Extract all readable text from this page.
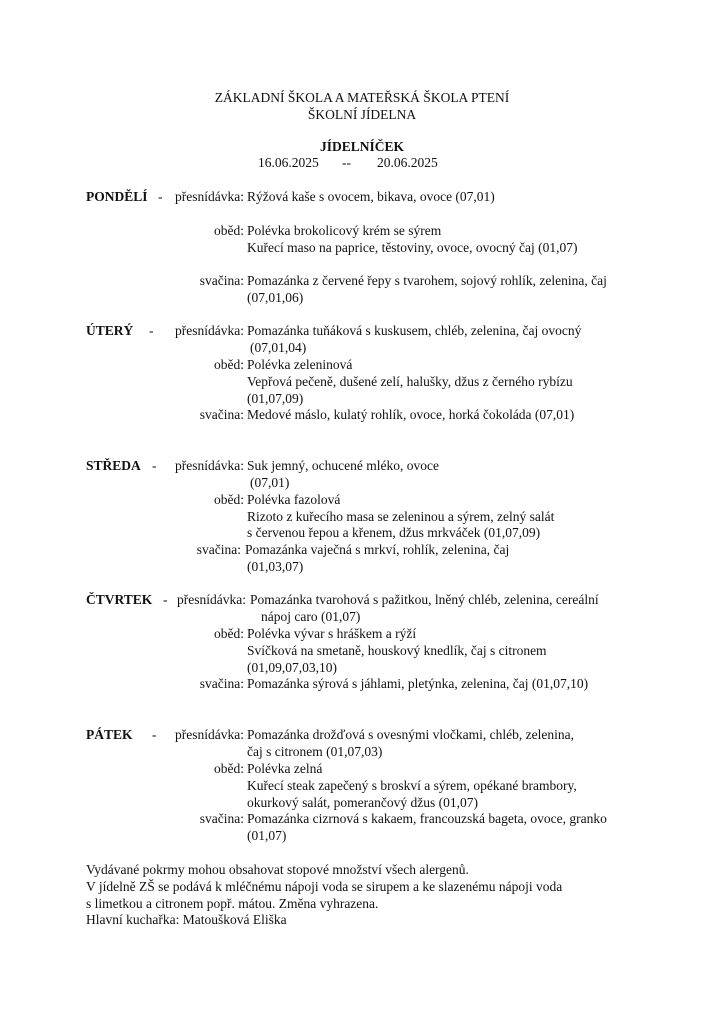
ZÁKLADNÍ ŠKOLA A MATEŘSKÁ ŠKOLA PTENÍ
ŠKOLNÍ JÍDELNA
JÍDELNÍČEK
16.06.2025 -- 20.06.2025
PONDĚLÍ - přesnídávka: Rýžová kaše s ovocem, bikava, ovoce (07,01)
oběd: Polévka brokolicový krém se sýrem
Kuřecí maso na paprice, těstoviny, ovoce, ovocný čaj (01,07)
svačina: Pomazánka z červené řepy s tvarohem, sojový rohlík, zelenina, čaj
(07,01,06)
ÚTERÝ - přesnídávka: Pomazánka tuňáková s kuskusem, chléb, zelenina, čaj ovocný
(07,01,04)
oběd: Polévka zeleninová
Vepřová pečeně, dušené zelí, halušky, džus z černého rybízu
(01,07,09)
svačina: Medové máslo, kulatý rohlík, ovoce, horká čokoláda (07,01)
STŘEDA - přesnídávka: Suk jemný, ochucené mléko, ovoce
(07,01)
oběd: Polévka fazolová
Rizoto z kuřecího masa se zeleninou a sýrem, zelný salát
s červenou řepou a křenem, džus mrkváček (01,07,09)
svačina: Pomazánka vaječná s mrkví, rohlík, zelenina, čaj
(01,03,07)
ČTVRTEK - přesnídávka: Pomazánka tvarohová s pažitkou, lněný chléb, zelenina, cereální
nápoj caro (01,07)
oběd: Polévka vývar s hráškem a rýží
Svíčková na smetaně, houskový knedlík, čaj s citronem
(01,09,07,03,10)
svačina: Pomazánka sýrová s jáhlami, pletýnka, zelenina, čaj (01,07,10)
PÁTEK - přesnídávka: Pomazánka drožďová s ovesnými vločkami, chléb, zelenina,
čaj s citronem (01,07,03)
oběd: Polévka zelná
Kuřecí steak zapečený s broskví a sýrem, opékané brambory,
okurkový salát, pomerančový džus (01,07)
svačina: Pomazánka cizrnová s kakaem, francouzská bageta, ovoce, granko
(01,07)
Vydávané pokrmy mohou obsahovat stopové množství všech alergenů.
V jídelně ZŠ se podává k mléčnému nápoji voda se sirupem a ke slazenému nápoji voda
s limetkou a citronem popř. mátou. Změna vyhrazena.
Hlavní kuchařka: Matoušková Eliška
